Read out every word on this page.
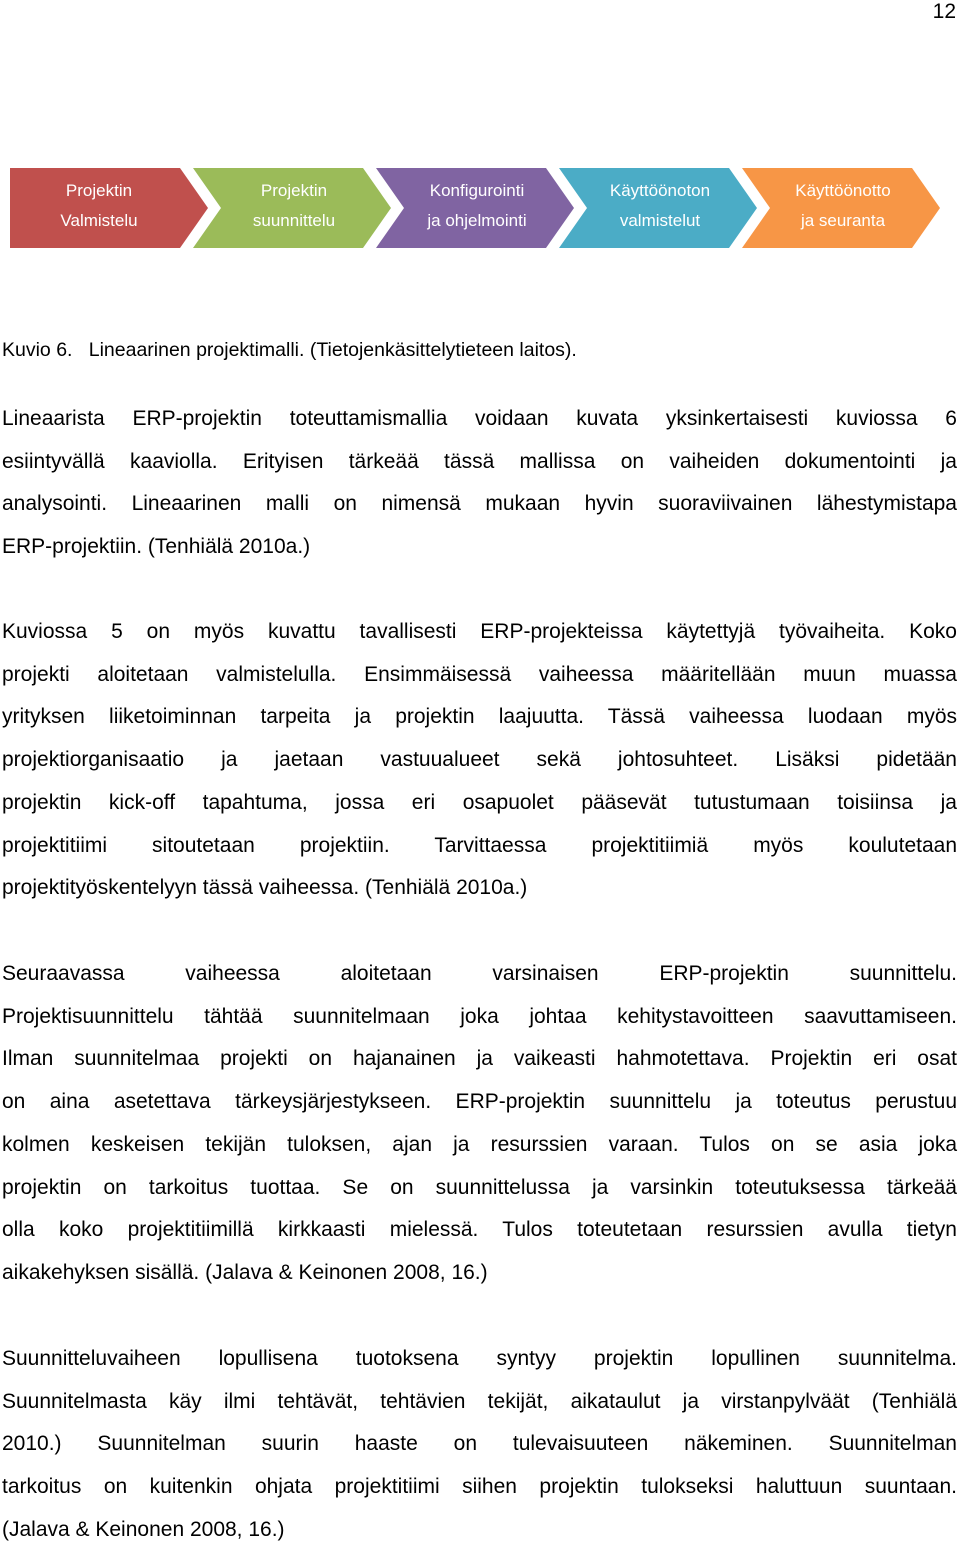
12
Projektin
Valmistelu
Projektin
suunnittelu
Konfigurointi
ja ohjelmointi
Käyttöönoton
valmistelut
Käyttöönotto
ja seuranta
Kuvio 6. Lineaarinen projektimalli. (Tietojenkäsittelytieteen laitos).
Lineaarista ERP-projektin toteuttamismallia voidaan kuvata yksinkertaisesti kuviossa 6
esiintyvällä kaaviolla. Erityisen tärkeää tässä mallissa on vaiheiden dokumentointi ja
analysointi. Lineaarinen malli on nimensä mukaan hyvin suoraviivainen lähestymistapa
ERP-projektiin. (Tenhiälä 2010a.)
Kuviossa 5 on myös kuvattu tavallisesti ERP-projekteissa käytettyjä työvaiheita. Koko
projekti aloitetaan valmistelulla. Ensimmäisessä vaiheessa määritellään muun muassa
yrityksen liiketoiminnan tarpeita ja projektin laajuutta. Tässä vaiheessa luodaan myös
projektiorganisaatio ja jaetaan vastuualueet sekä johtosuhteet. Lisäksi pidetään
projektin kick-off tapahtuma, jossa eri osapuolet pääsevät tutustumaan toisiinsa ja
projektitiimi sitoutetaan projektiin. Tarvittaessa projektitiimiä myös koulutetaan
projektityöskentelyyn tässä vaiheessa. (Tenhiälä 2010a.)
Seuraavassa vaiheessa aloitetaan varsinaisen ERP-projektin suunnittelu.
Projektisuunnittelu tähtää suunnitelmaan joka johtaa kehitystavoitteen saavuttamiseen.
Ilman suunnitelmaa projekti on hajanainen ja vaikeasti hahmotettava. Projektin eri osat
on aina asetettava tärkeysjärjestykseen. ERP-projektin suunnittelu ja toteutus perustuu
kolmen keskeisen tekijän tuloksen, ajan ja resurssien varaan. Tulos on se asia joka
projektin on tarkoitus tuottaa. Se on suunnittelussa ja varsinkin toteutuksessa tärkeää
olla koko projektitiimillä kirkkaasti mielessä. Tulos toteutetaan resurssien avulla tietyn
aikakehyksen sisällä. (Jalava & Keinonen 2008, 16.)
Suunnitteluvaiheen lopullisena tuotoksena syntyy projektin lopullinen suunnitelma.
Suunnitelmasta käy ilmi tehtävät, tehtävien tekijät, aikataulut ja virstanpylväät (Tenhiälä
2010.) Suunnitelman suurin haaste on tulevaisuuteen näkeminen. Suunnitelman
tarkoitus on kuitenkin ohjata projektitiimi siihen projektin tulokseksi haluttuun suuntaan.
(Jalava & Keinonen 2008, 16.)
